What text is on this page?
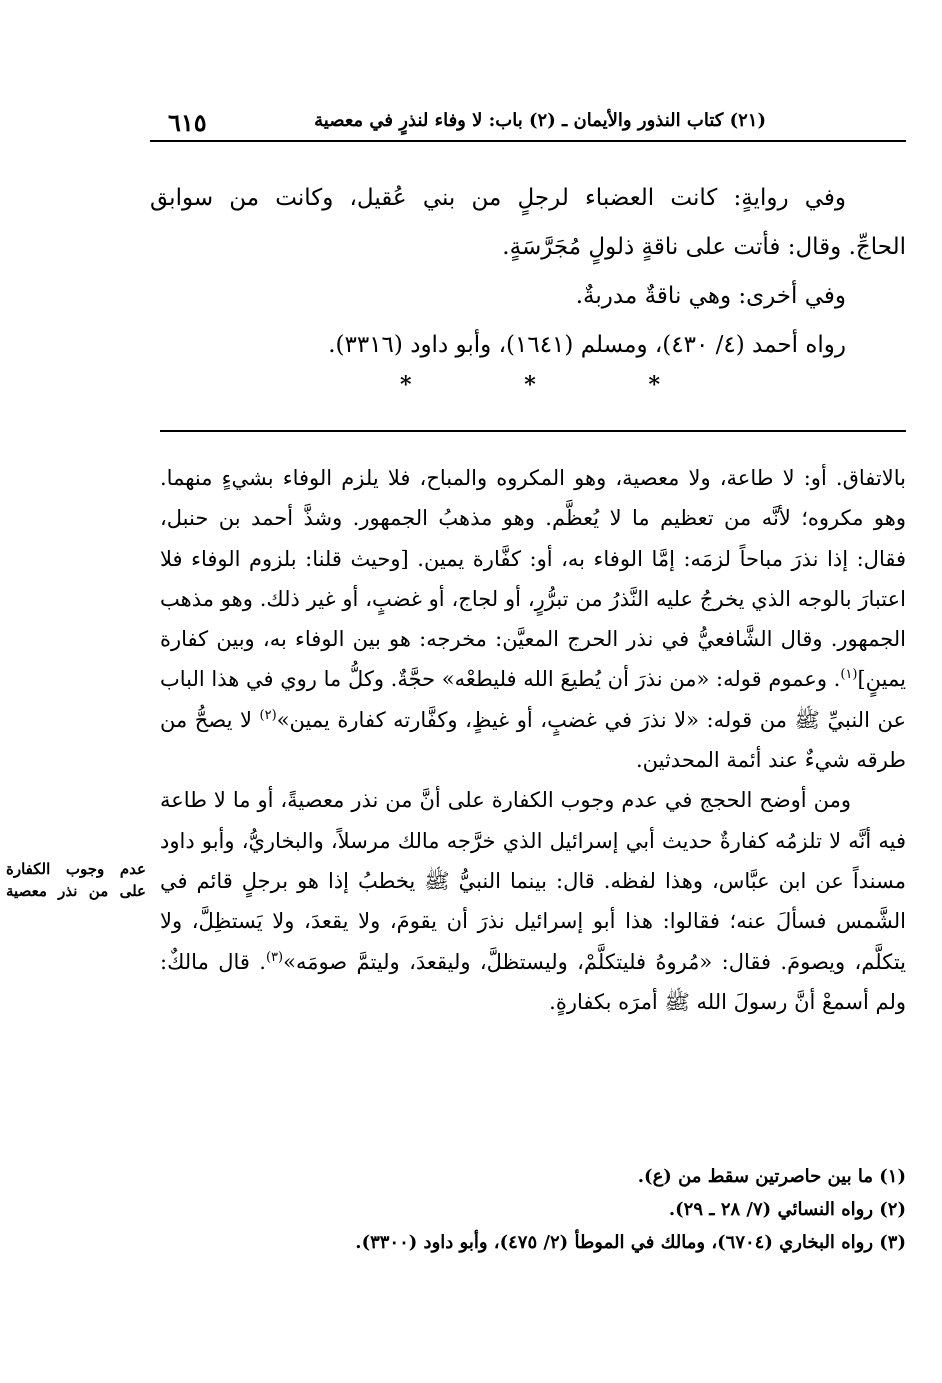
٦١٥	(٢١) كتاب النذور والأيمان ـ (٢) باب: لا وفاء لنذرٍ في معصية

وفي روايةٍ: كانت العضباء لرجلٍ من بني عُقيل، وكانت من سوابق

الحاجِّ. وقال: فأتت على ناقةٍ ذلولٍ مُجَرَّسَةٍ.

وفي أخرى: وهي ناقةٌ مدربةٌ.

رواه أحمد (٤/ ٤٣٠)، ومسلم (١٦٤١)، وأبو داود (٣٣١٦).

*
*
*

بالاتفاق. أو: لا طاعة، ولا معصية، وهو المكروه والمباح، فلا يلزم الوفاء بشيءٍ منهما. وهو مكروه؛ لأنَّه من تعظيم ما لا يُعظَّم. وهو مذهبُ الجمهور. وشذَّ أحمد بن حنبل، فقال: إذا نذرَ مباحاً لزمَه: إمَّا الوفاء به، أو: كفَّارة يمين. [وحيث قلنا: بلزوم الوفاء فلا اعتبارَ بالوجه الذي يخرجُ عليه النَّذرُ من تبرُّرٍ، أو لجاج، أو غضبٍ، أو غير ذلك. وهو مذهب الجمهور. وقال الشَّافعيُّ في نذر الحرج المعيَّن: مخرجه: هو بين الوفاء به، وبين كفارة يمينٍ]$^{(١)}$. وعموم قوله: «من نذرَ أن يُطيعَ الله فليطعْه» حجَّةٌ. وكلُّ ما روي في هذا الباب عن النبيِّ ﷺ من قوله: «لا نذرَ في غضبٍ، أو غيظٍ، وكفَّارته كفارة يمين»$^{(٢)}$ لا يصحُّ من طرقه شيءٌ عند أئمة المحدثين.

ومن أوضح الحجج في عدم وجوب الكفارة على أنَّ من نذر معصيةً، أو ما لا طاعة فيه أنَّه لا تلزمُه كفارةٌ حديث أبي إسرائيل الذي خرَّجه مالك مرسلاً، والبخاريُّ، وأبو داود مسنداً عن ابن عبَّاس، وهذا لفظه. قال: بينما النبيُّ ﷺ يخطبُ إذا هو برجلٍ قائم في الشَّمس فسألَ عنه؛ فقالوا: هذا أبو إسرائيل نذرَ أن يقومَ، ولا يقعدَ، ولا يَستظِلَّ، ولا يتكلَّم، ويصومَ. فقال: «مُروهُ فليتكلَّمْ، وليستظلَّ، وليقعدَ، وليتمَّ صومَه»$^{(٣)}$. قال مالكٌ: ولم أسمعْ أنَّ رسولَ الله ﷺ أمرَه بكفارةٍ.

عدم وجوب الكفارة على من نذر معصية

(١) ما بين حاصرتين سقط من (ع).

(٢) رواه النسائي (٧/ ٢٨ ـ ٢٩).

(٣) رواه البخاري (٦٧٠٤)، ومالك في الموطأ (٢/ ٤٧٥)، وأبو داود (٣٣٠٠).
